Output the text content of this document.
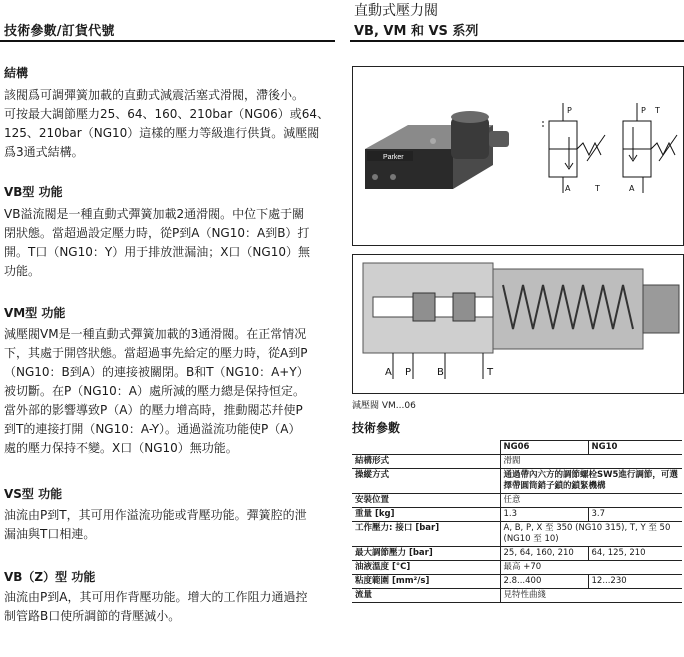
技術參數/訂貨代號
直動式壓力閥
VB, VM 和 VS 系列
結構
該閥爲可調彈簧加載的直動式減震活塞式滑閥，滯後小。
可按最大調節壓力25、64、160、210bar（NG06）或64、
125、210bar（NG10）這樣的壓力等級進行供貨。減壓閥
爲3通式結構。
VB型 功能
VB溢流閥是一種直動式彈簧加載2通滑閥。中位下處于關
閉狀態。當超過設定壓力時，從P到A（NG10：A到B）打
開。T口（NG10：Y）用于排放泄漏油；X口（NG10）無
功能。
VM型 功能
減壓閥VM是一種直動式彈簧加載的3通滑閥。在正常情况
下，其處于開啓狀態。當超過事先給定的壓力時，從A到P
（NG10：B到A）的連接被關閉。B和T（NG10：A+Y）
被切斷。在P（NG10：A）處所減的壓力總是保持恒定。
當外部的影響導致P（A）的壓力增高時，推動閥芯幷使P
到T的連接打開（NG10：A-Y）。通過溢流功能使P（A）
處的壓力保持不變。X口（NG10）無功能。
VS型 功能
油流由P到T，其可用作溢流功能或背壓功能。彈簧腔的泄
漏油與T口相連。
VB（Z）型 功能
油流由P到A，其可用作背壓功能。增大的工作阻力通過控
制管路B口使所調節的背壓減小。
Parker
P
A	T
P T
A
A P	B	T
減壓閥 VM...06
技術參數
	NG06	NG10
結構形式	滑閥	
操縱方式	通過帶內六方的調節螺栓SW5進行調節，可選擇帶圓筒銷子鎖的鎖緊機構	
安裝位置	任意	
重量 [kg]	1.3	3.7
工作壓力: 接口 [bar]	A, B, P, X 至 350 (NG10 315), T, Y 至 50 (NG10 至 10)	
最大調節壓力 [bar]	25, 64, 160, 210	64, 125, 210
油液溫度 [°C]	最高 +70	
粘度範圍 [mm²/s]	2.8...400	12...230
流量	見特性曲綫	
